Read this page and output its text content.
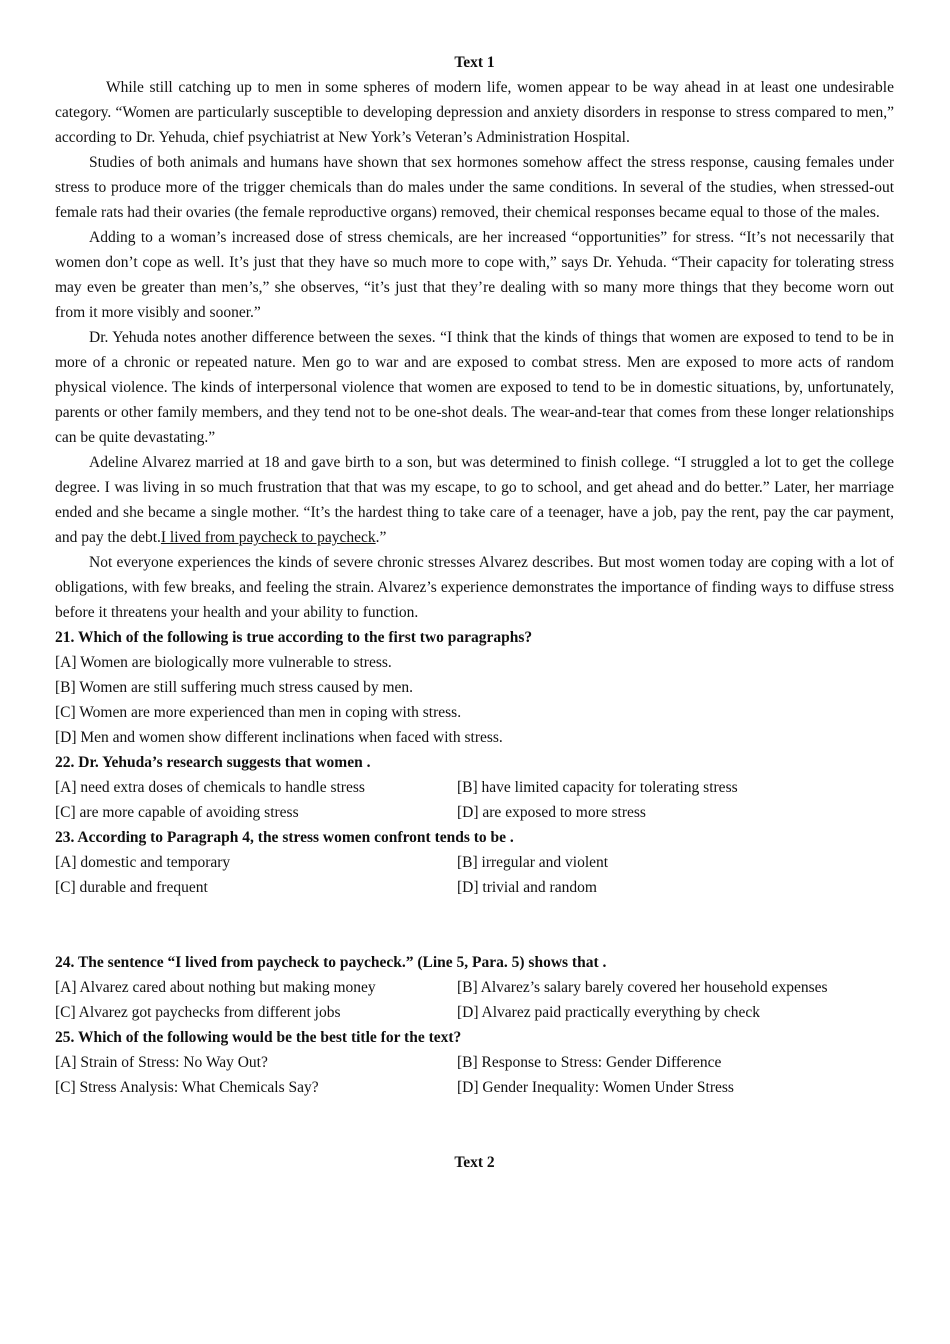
Text 1

While still catching up to men in some spheres of modern life, women appear to be way ahead in at least one undesirable category. “Women are particularly susceptible to developing depression and anxiety disorders in response to stress compared to men,” according to Dr. Yehuda, chief psychiatrist at New York’s Veteran’s Administration Hospital.

Studies of both animals and humans have shown that sex hormones somehow affect the stress response, causing females under stress to produce more of the trigger chemicals than do males under the same conditions. In several of the studies, when stressed-out female rats had their ovaries (the female reproductive organs) removed, their chemical responses became equal to those of the males.

Adding to a woman’s increased dose of stress chemicals, are her increased “opportunities” for stress. “It’s not necessarily that women don’t cope as well. It’s just that they have so much more to cope with,” says Dr. Yehuda. “Their capacity for tolerating stress may even be greater than men’s,” she observes, “it’s just that they’re dealing with so many more things that they become worn out from it more visibly and sooner.”

Dr. Yehuda notes another difference between the sexes. “I think that the kinds of things that women are exposed to tend to be in more of a chronic or repeated nature. Men go to war and are exposed to combat stress. Men are exposed to more acts of random physical violence. The kinds of interpersonal violence that women are exposed to tend to be in domestic situations, by, unfortunately, parents or other family members, and they tend not to be one-shot deals. The wear-and-tear that comes from these longer relationships can be quite devastating.”

Adeline Alvarez married at 18 and gave birth to a son, but was determined to finish college. “I struggled a lot to get the college degree. I was living in so much frustration that that was my escape, to go to school, and get ahead and do better.” Later, her marriage ended and she became a single mother. “It’s the hardest thing to take care of a teenager, have a job, pay the rent, pay the car payment, and pay the debt.I lived from paycheck to paycheck.”

Not everyone experiences the kinds of severe chronic stresses Alvarez describes. But most women today are coping with a lot of obligations, with few breaks, and feeling the strain. Alvarez’s experience demonstrates the importance of finding ways to diffuse stress before it threatens your health and your ability to function.

21. Which of the following is true according to the first two paragraphs?

[A] Women are biologically more vulnerable to stress.

[B] Women are still suffering much stress caused by men.

[C] Women are more experienced than men in coping with stress.

[D] Men and women show different inclinations when faced with stress.

22. Dr. Yehuda’s research suggests that women .

[A] need extra doses of chemicals to handle stress	[B] have limited capacity for tolerating stress
[C] are more capable of avoiding stress	[D] are exposed to more stress

23. According to Paragraph 4, the stress women confront tends to be .

[A] domestic and temporary	[B] irregular and violent
[C] durable and frequent	[D] trivial and random

24. The sentence “I lived from paycheck to paycheck.” (Line 5, Para. 5) shows that .

[A] Alvarez cared about nothing but making money	[B] Alvarez’s salary barely covered her household expenses
[C] Alvarez got paychecks from different jobs	[D] Alvarez paid practically everything by check

25. Which of the following would be the best title for the text?

[A] Strain of Stress: No Way Out?	[B] Response to Stress: Gender Difference
[C] Stress Analysis: What Chemicals Say?	[D] Gender Inequality: Women Under Stress
Text 2
